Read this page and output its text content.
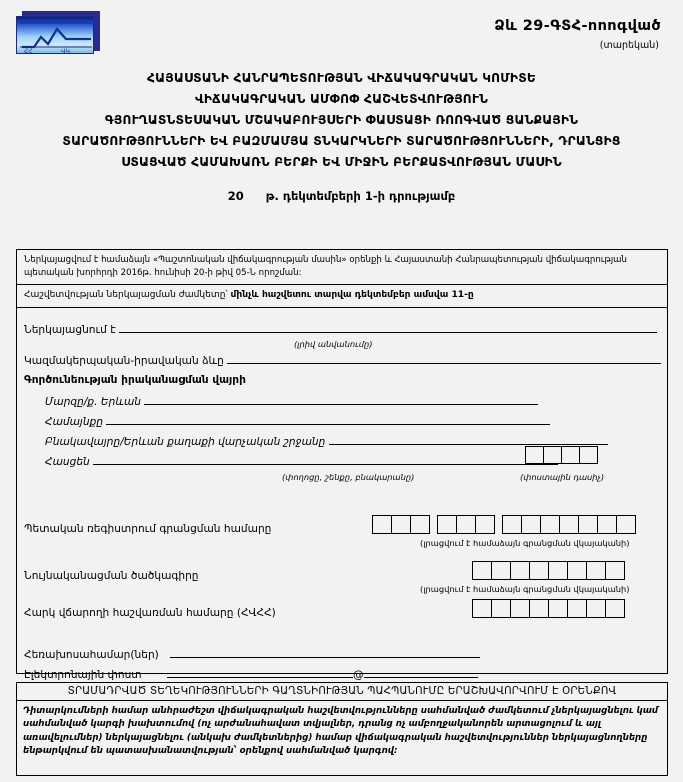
ՀՀ	ՎԿ
Ձև 29-ԳՏՀ-ոոոգված
(տարեկան)
ՀԱՅԱՍՏԱՆԻ ՀԱՆՐԱՊԵՏՈՒԹՅԱՆ ՎԻՃԱԿԱԳՐԱԿԱՆ ԿՈՄԻՏԵ
ՎԻՃԱԿԱԳՐԱԿԱՆ ԱՄՓՈՓ ՀԱՇՎԵՏՎՈՒԹՅՈՒՆ
ԳՅՈՒՂԱՏՆՏԵՍԱԿԱՆ ՄՇԱԿԱԲՈՒՅՍԵՐԻ ՓԱՍՏԱՑԻ ՌՈՈԳՎԱԾ ՑԱՆՔԱՅԻՆ
ՏԱՐԱԾՈՒԹՅՈՒՆՆԵՐԻ ԵՎ ԲԱԶՄԱՄՅԱ ՏՆԿԱՐԿՆԵՐԻ ՏԱՐԱԾՈՒԹՅՈՒՆՆԵՐԻ, ԴՐԱՆՑԻՑ
ՍՏԱՑՎԱԾ ՀԱՄԱԽԱՌՆ ԲԵՐՔԻ ԵՎ ՄԻՋԻՆ ԲԵՐՔԱՏՎՈՒԹՅԱՆ ՄԱՍԻՆ
20 թ. դեկտեմբերի 1-ի դրությամբ
Ներկայացվում է համաձայն «Պաշտոնական վիճակագրության մասին» օրենքի և Հայաստանի Հանրապետության վիճակագրության պետական խորհրդի 2016թ. հունիսի 20-ի թիվ 05-Ն որոշման:
Հաշվետվության ներկայացման ժամկետը՝ մինչև հաշվետու տարվա դեկտեմբեր ամսվա 11-ը
Ներկայացնում է
(լրիվ անվանումը)
Կազմակերպական-իրավական ձևը
Գործունեության իրականացման վայրի
Մարզը/ք. Երևան
Համայնքը
Բնակավայրը/Երևան քաղաքի վարչական շրջանը
Հասցեն
(փողոցը, շենքը, բնակարանը)	(փոստային դասիչ)
Պետական ռեգիստրում գրանցման համարը
(լրացվում է համաձայն գրանցման վկայականի)
Նույնականացման ծածկագիրը
(լրացվում է համաձայն գրանցման վկայականի)
Հարկ վճարողի հաշվառման համարը (ՀՎՀՀ)
Հեռախոսահամար(ներ)
Էլեկտրոնային փոստ	@
ՏՐԱՄԱԴՐՎԱԾ ՏԵՂԵԿՈՒԹՅՈՒՆՆԵՐԻ ԳԱՂՏՆԻՈՒԹՅԱՆ ՊԱՀՊԱՆՈՒՄԸ ԵՐԱՇԽԱՎՈՐՎՈՒՄ Է ՕՐԵՆՔՈՎ
Դիտարկումների համար անհրաժեշտ վիճակագրական հաշվետվությունները սահմանված ժամկետում չներկայացնելու կամ սահմանված կարգի խախտումով (ոչ արժանահավատ տվյալներ, դրանց ոչ ամբողջականորեն արտացոլում և այլ առավելումներ) ներկայացնելու (անկախ ժամկետներից) համար վիճակագրական հաշվետվություններ ներկայացնողները ենթարկվում են պատասխանատվության՝ օրենքով սահմանված կարգով:
